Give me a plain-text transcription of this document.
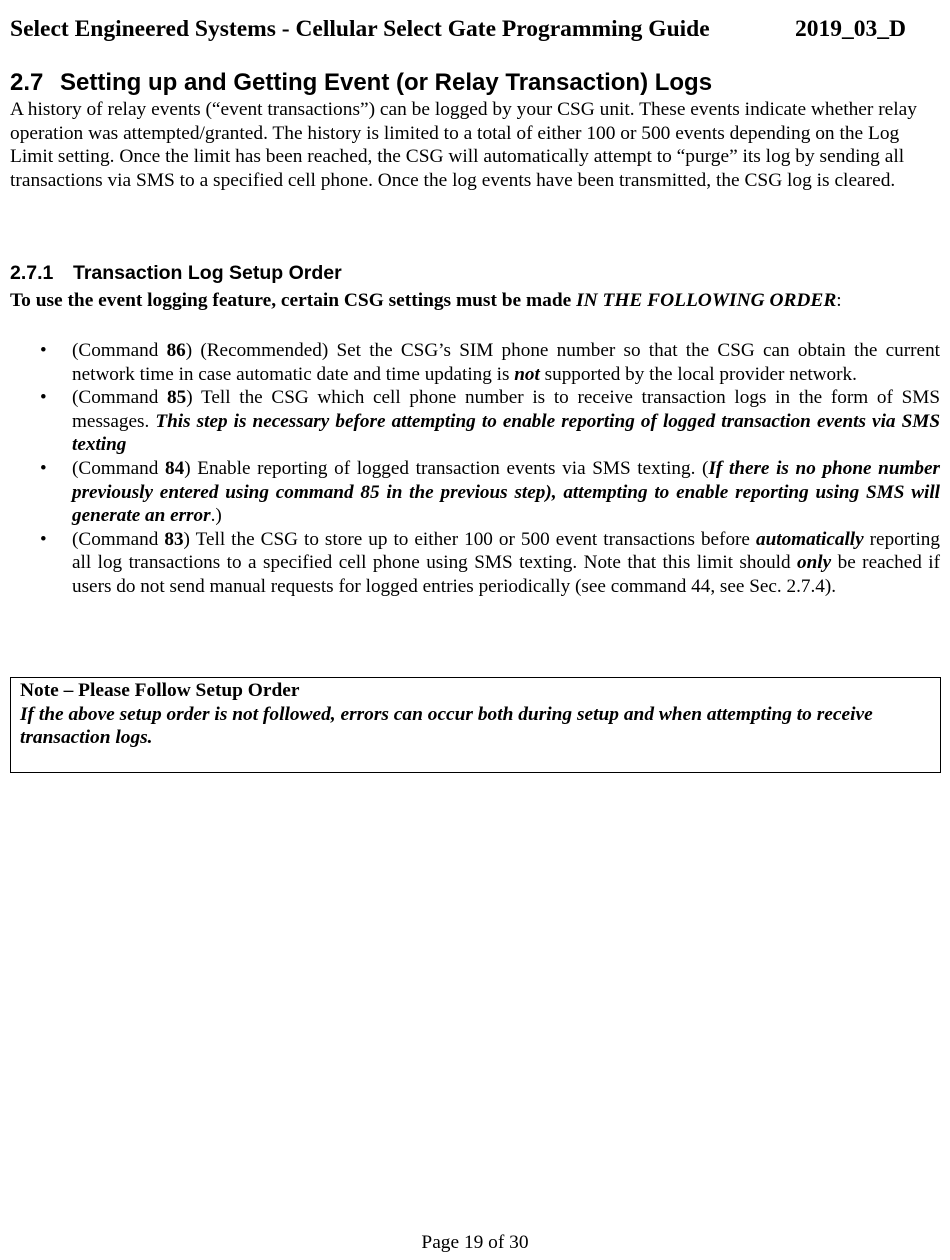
Select Engineered Systems - Cellular Select Gate Programming Guide	2019_03_D
2.7 Setting up and Getting Event (or Relay Transaction) Logs
A history of relay events (“event transactions”) can be logged by your CSG unit. These events indicate whether relay operation was attempted/granted. The history is limited to a total of either 100 or 500 events depending on the Log Limit setting. Once the limit has been reached, the CSG will automatically attempt to “purge” its log by sending all transactions via SMS to a specified cell phone. Once the log events have been transmitted, the CSG log is cleared.
2.7.1 Transaction Log Setup Order
To use the event logging feature, certain CSG settings must be made IN THE FOLLOWING ORDER:
• (Command 86) (Recommended) Set the CSG’s SIM phone number so that the CSG can obtain the current network time in case automatic date and time updating is not supported by the local provider network.
• (Command 85) Tell the CSG which cell phone number is to receive transaction logs in the form of SMS messages. This step is necessary before attempting to enable reporting of logged transaction events via SMS texting
• (Command 84) Enable reporting of logged transaction events via SMS texting. (If there is no phone number previously entered using command 85 in the previous step), attempting to enable reporting using SMS will generate an error.)
• (Command 83) Tell the CSG to store up to either 100 or 500 event transactions before automatically reporting all log transactions to a specified cell phone using SMS texting. Note that this limit should only be reached if users do not send manual requests for logged entries periodically (see command 44, see Sec. 2.7.4).
Note – Please Follow Setup Order
If the above setup order is not followed, errors can occur both during setup and when attempting to receive transaction logs.
Page 19 of 30
